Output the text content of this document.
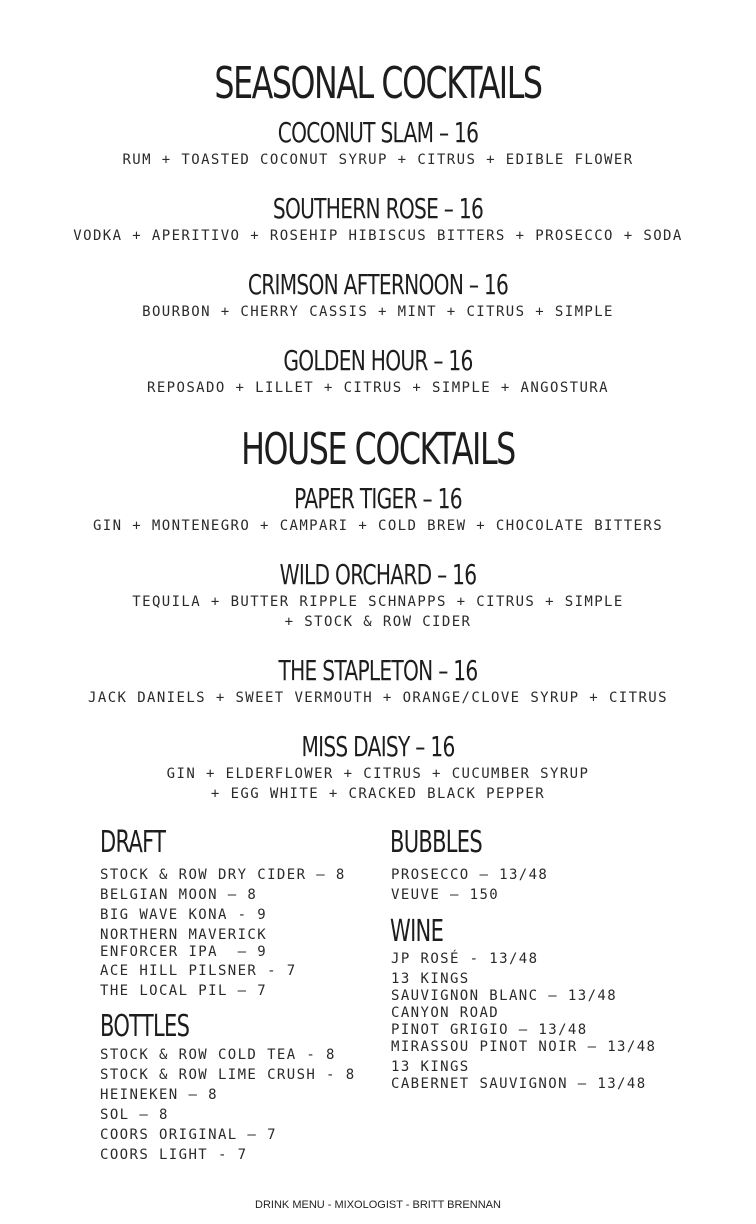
SEASONAL COCKTAILS
COCONUT SLAM – 16
RUM + TOASTED COCONUT SYRUP + CITRUS + EDIBLE FLOWER
SOUTHERN ROSE – 16
VODKA + APERITIVO + ROSEHIP HIBISCUS BITTERS + PROSECCO + SODA
CRIMSON AFTERNOON – 16
BOURBON + CHERRY CASSIS + MINT + CITRUS + SIMPLE
GOLDEN HOUR – 16
REPOSADO + LILLET + CITRUS + SIMPLE + ANGOSTURA
HOUSE COCKTAILS
PAPER TIGER – 16
GIN + MONTENEGRO + CAMPARI + COLD BREW + CHOCOLATE BITTERS
WILD ORCHARD – 16
TEQUILA + BUTTER RIPPLE SCHNAPPS + CITRUS + SIMPLE
+ STOCK & ROW CIDER
THE STAPLETON – 16
JACK DANIELS + SWEET VERMOUTH + ORANGE/CLOVE SYRUP + CITRUS
MISS DAISY – 16
GIN + ELDERFLOWER + CITRUS + CUCUMBER SYRUP
+ EGG WHITE + CRACKED BLACK PEPPER
DRAFT
STOCK & ROW DRY CIDER – 8
BELGIAN MOON – 8
BIG WAVE KONA - 9
NORTHERN MAVERICK
ENFORCER IPA  – 9
ACE HILL PILSNER - 7
THE LOCAL PIL – 7
BOTTLES
STOCK & ROW COLD TEA - 8
STOCK & ROW LIME CRUSH - 8
HEINEKEN – 8
SOL – 8
COORS ORIGINAL – 7
COORS LIGHT - 7
BUBBLES
PROSECCO – 13/48
VEUVE – 150
WINE
JP ROSÉ - 13/48
13 KINGS
SAUVIGNON BLANC – 13/48
CANYON ROAD
PINOT GRIGIO – 13/48
MIRASSOU PINOT NOIR – 13/48
13 KINGS
CABERNET SAUVIGNON – 13/48
DRINK MENU - MIXOLOGIST - BRITT BRENNAN
